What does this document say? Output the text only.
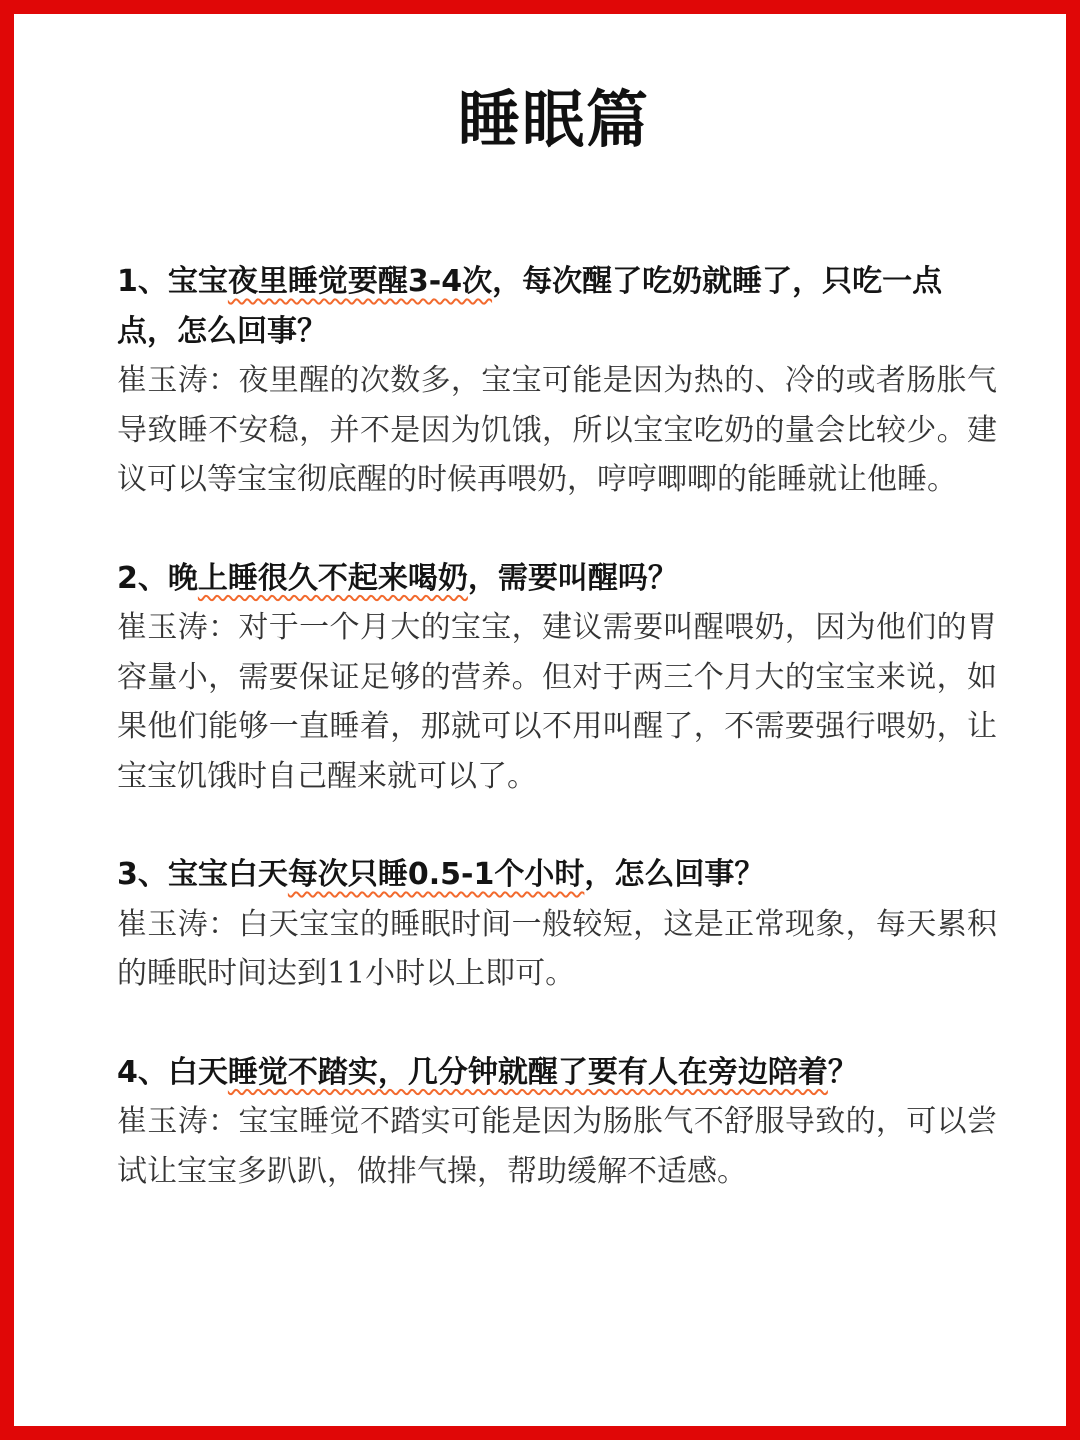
睡眠篇

1、宝宝夜里睡觉要醒3-4次，每次醒了吃奶就睡了，只吃一点点，怎么回事？

崔玉涛：夜里醒的次数多，宝宝可能是因为热的、冷的或者肠胀气导致睡不安稳，并不是因为饥饿，所以宝宝吃奶的量会比较少。建议可以等宝宝彻底醒的时候再喂奶，哼哼唧唧的能睡就让他睡。

2、晚上睡很久不起来喝奶，需要叫醒吗？

崔玉涛：对于一个月大的宝宝，建议需要叫醒喂奶，因为他们的胃容量小，需要保证足够的营养。但对于两三个月大的宝宝来说，如果他们能够一直睡着，那就可以不用叫醒了，不需要强行喂奶，让宝宝饥饿时自己醒来就可以了。

3、宝宝白天每次只睡0.5-1个小时，怎么回事？

崔玉涛：白天宝宝的睡眠时间一般较短，这是正常现象，每天累积的睡眠时间达到11小时以上即可。

4、白天睡觉不踏实，几分钟就醒了要有人在旁边陪着？

崔玉涛：宝宝睡觉不踏实可能是因为肠胀气不舒服导致的，可以尝试让宝宝多趴趴，做排气操，帮助缓解不适感。
